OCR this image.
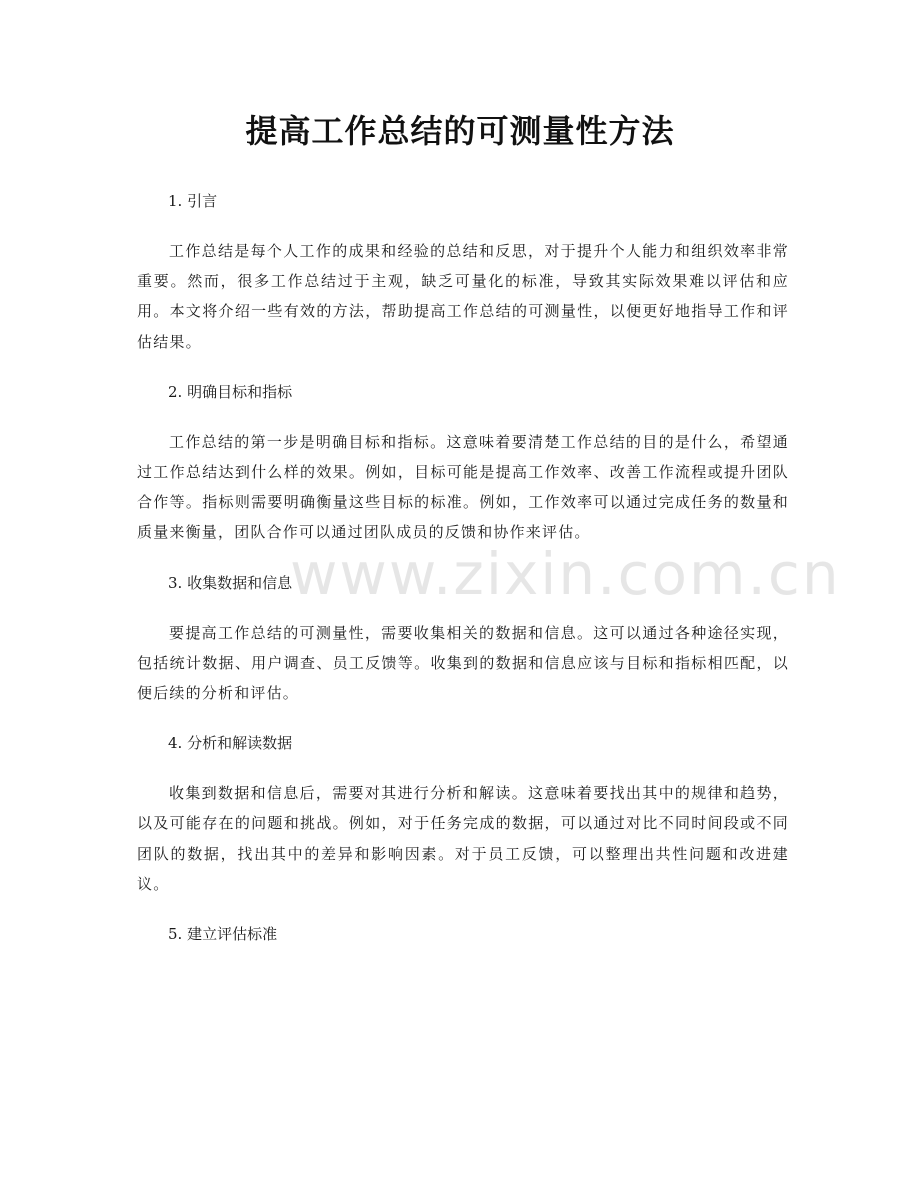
提高工作总结的可测量性方法
www.zixin.com.cn

1. 引言

工作总结是每个人工作的成果和经验的总结和反思，对于提升个人能力和组织效率非常重要。然而，很多工作总结过于主观，缺乏可量化的标准，导致其实际效果难以评估和应用。本文将介绍一些有效的方法，帮助提高工作总结的可测量性，以便更好地指导工作和评估结果。

2. 明确目标和指标

工作总结的第一步是明确目标和指标。这意味着要清楚工作总结的目的是什么，希望通过工作总结达到什么样的效果。例如，目标可能是提高工作效率、改善工作流程或提升团队合作等。指标则需要明确衡量这些目标的标准。例如，工作效率可以通过完成任务的数量和质量来衡量，团队合作可以通过团队成员的反馈和协作来评估。

3. 收集数据和信息

要提高工作总结的可测量性，需要收集相关的数据和信息。这可以通过各种途径实现，包括统计数据、用户调查、员工反馈等。收集到的数据和信息应该与目标和指标相匹配，以便后续的分析和评估。

4. 分析和解读数据

收集到数据和信息后，需要对其进行分析和解读。这意味着要找出其中的规律和趋势，以及可能存在的问题和挑战。例如，对于任务完成的数据，可以通过对比不同时间段或不同团队的数据，找出其中的差异和影响因素。对于员工反馈，可以整理出共性问题和改进建议。

5. 建立评估标准
